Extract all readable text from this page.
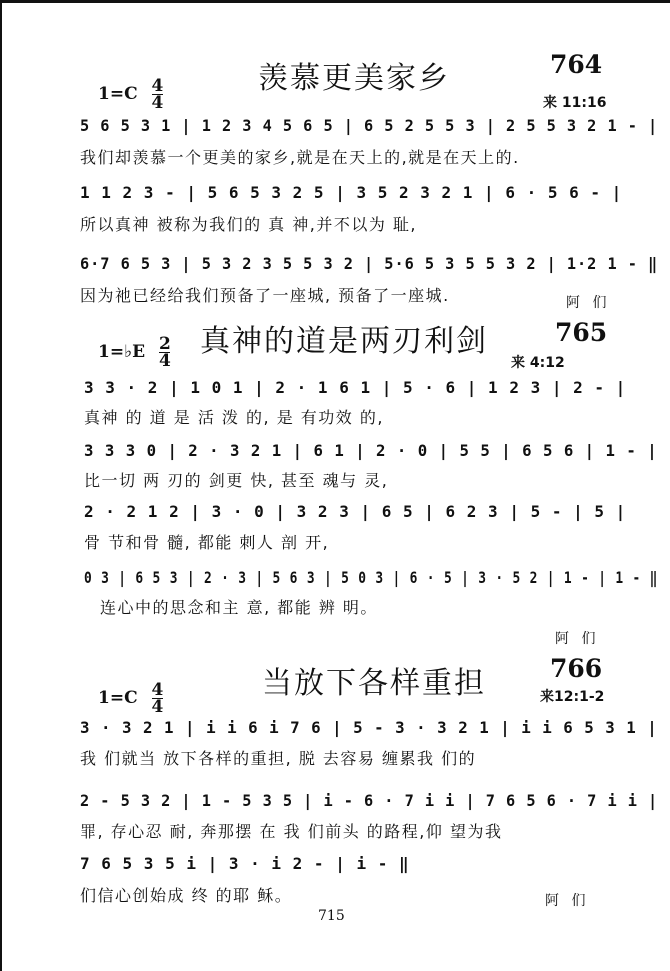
羡慕更美家乡	764
$1=C \frac{4}{4}$	来 11:16
5 6 5 3 1 | 1 2 3 4 5 6 5 | 6 5 2 5 5 3 | 2 5 5 3 2 1 - |
我们却羡慕一个更美的家乡,就是在天上的,就是在天上的.
1 1 2 3 - | 5 6 5 3 2 5 | 3 5 2 3 2 1 | 6 · 5 6 - |
所以真神 被称为我们的 真 神,并不以为 耻,
6·7 6 5 3 | 5 3 2 3 5 5 3 2 | 5·6 5 3 5 5 3 2 | 1·2 1 - ‖
因为祂已经给我们预备了一座城, 预备了一座城.	阿 们
真神的道是两刃利剑	765
1=♭E $\frac{2}{4}$	来 4:12
3 3 · 2 | 1 0 1 | 2 · 1 6 1 | 5 · 6 | 1 2 3 | 2 - |
真神 的 道 是 活 泼 的, 是 有功效 的,
3 3 3 0 | 2 · 3 2 1 | 6 1 | 2 · 0 | 5 5 | 6 5 6 | 1 - |
比一切 两 刃的 剑更 快, 甚至 魂与 灵,
2 · 2 1 2 | 3 · 0 | 3 2 3 | 6 5 | 6 2 3 | 5 - | 5 |
骨 节和骨 髓, 都能 刺人 剖 开,
0 3 | 6 5 3 | 2 · 3 | 5 6 3 | 5 0 3 | 6 · 5 | 3 · 5 2 | 1 - | 1 - ‖
连心中的思念和主 意, 都能 辨 明。
阿 们
当放下各样重担	766
$1=C \frac{4}{4}$	来12:1-2
3 · 3 2 1 | i i 6 i 7 6 | 5 - 3 · 3 2 1 | i i 6 5 3 1 |
我 们就当 放下各样的重担, 脱 去容易 缠累我 们的
2 - 5 3 2 | 1 - 5 3 5 | i - 6 · 7 i i | 7 6 5 6 · 7 i i |
罪, 存心忍 耐, 奔那摆 在 我 们前头 的路程,仰 望为我
7 6 5 3 5 i | 3 · i 2 - | i - ‖
们信心创始成 终 的耶 稣。	阿 们
715
